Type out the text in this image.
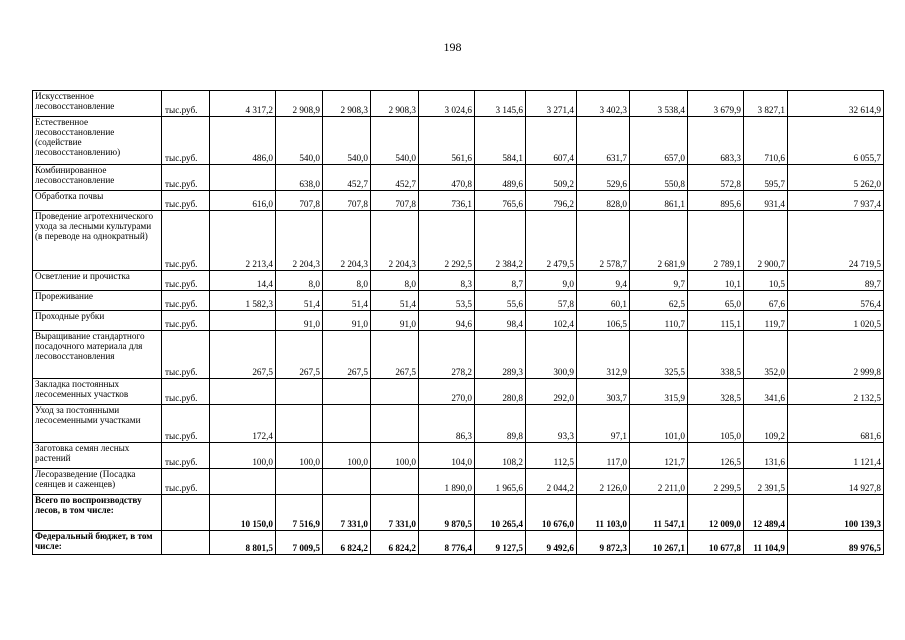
198
Искусственное лесовосстановление	тыс.руб.	4 317,2	2 908,9	2 908,3	2 908,3	3 024,6	3 145,6	3 271,4	3 402,3	3 538,4	3 679,9	3 827,1	32 614,9
Естественное лесовосстановление (содействие лесовосстановлению)	тыс.руб.	486,0	540,0	540,0	540,0	561,6	584,1	607,4	631,7	657,0	683,3	710,6	6 055,7
Комбинированное лесовосстановление	тыс.руб.		638,0	452,7	452,7	470,8	489,6	509,2	529,6	550,8	572,8	595,7	5 262,0
Обработка почвы	тыс.руб.	616,0	707,8	707,8	707,8	736,1	765,6	796,2	828,0	861,1	895,6	931,4	7 937,4
Проведение агротехнического ухода за лесными культурами (в переводе на однократный)	тыс.руб.	2 213,4	2 204,3	2 204,3	2 204,3	2 292,5	2 384,2	2 479,5	2 578,7	2 681,9	2 789,1	2 900,7	24 719,5
Осветление и прочистка	тыс.руб.	14,4	8,0	8,0	8,0	8,3	8,7	9,0	9,4	9,7	10,1	10,5	89,7
Прореживание	тыс.руб.	1 582,3	51,4	51,4	51,4	53,5	55,6	57,8	60,1	62,5	65,0	67,6	576,4
Проходные рубки	тыс.руб.		91,0	91,0	91,0	94,6	98,4	102,4	106,5	110,7	115,1	119,7	1 020,5
Выращивание стандартного посадочного материала для лесовосстановления	тыс.руб.	267,5	267,5	267,5	267,5	278,2	289,3	300,9	312,9	325,5	338,5	352,0	2 999,8
Закладка постоянных лесосеменных участков	тыс.руб.					270,0	280,8	292,0	303,7	315,9	328,5	341,6	2 132,5
Уход за постоянными лесосеменными участками	тыс.руб.	172,4				86,3	89,8	93,3	97,1	101,0	105,0	109,2	681,6
Заготовка семян лесных растений	тыс.руб.	100,0	100,0	100,0	100,0	104,0	108,2	112,5	117,0	121,7	126,5	131,6	1 121,4
Лесоразведение (Посадка сеянцев и саженцев)	тыс.руб.					1 890,0	1 965,6	2 044,2	2 126,0	2 211,0	2 299,5	2 391,5	14 927,8
Всего по воспроизводству лесов, в том числе:		10 150,0	7 516,9	7 331,0	7 331,0	9 870,5	10 265,4	10 676,0	11 103,0	11 547,1	12 009,0	12 489,4	100 139,3
Федеральный бюджет, в том числе:		8 801,5	7 009,5	6 824,2	6 824,2	8 776,4	9 127,5	9 492,6	9 872,3	10 267,1	10 677,8	11 104,9	89 976,5
